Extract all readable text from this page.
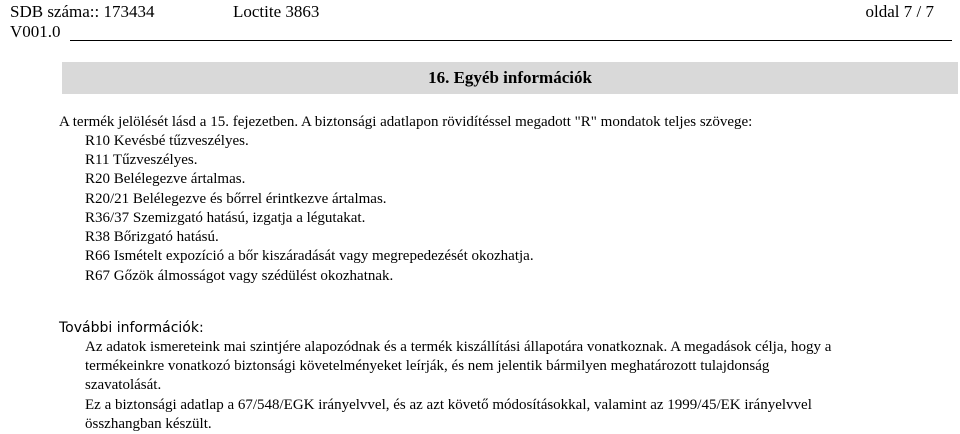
SDB száma:: 173434	Loctite 3863	oldal 7 / 7
V001.0
16. Egyéb információk
A termék jelölését lásd a 15. fejezetben. A biztonsági adatlapon rövidítéssel megadott "R" mondatok teljes szövege:
R10 Kevésbé tűzveszélyes.
R11 Tűzveszélyes.
R20 Belélegezve ártalmas.
R20/21 Belélegezve és bőrrel érintkezve ártalmas.
R36/37 Szemizgató hatású, izgatja a légutakat.
R38 Bőrizgató hatású.
R66 Ismételt expozíció a bőr kiszáradását vagy megrepedezését okozhatja.
R67 Gőzök álmosságot vagy szédülést okozhatnak.
További információk:
Az adatok ismereteink mai szintjére alapozódnak és a termék kiszállítási állapotára vonatkoznak. A megadások célja, hogy a
termékeinkre vonatkozó biztonsági követelményeket leírják, és nem jelentik bármilyen meghatározott tulajdonság
szavatolását.
Ez a biztonsági adatlap a 67/548/EGK irányelvvel, és az azt követő módosításokkal, valamint az 1999/45/EK irányelvvel
összhangban készült.
